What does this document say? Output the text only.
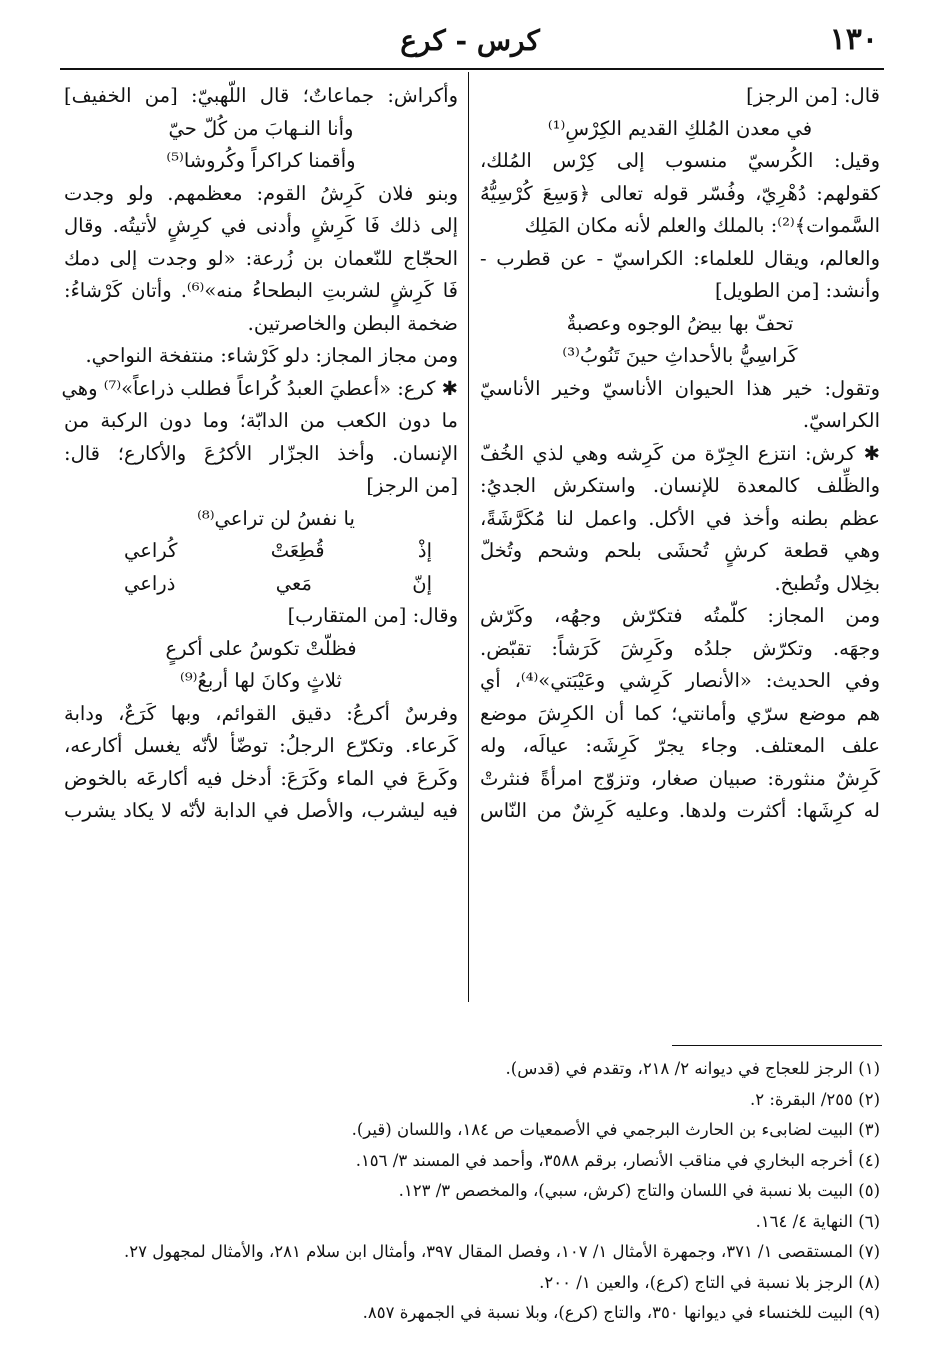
١٣٠
كرس - كرع
قال: [من الرجز]
في معدن المُلكِ القديم الكِرْسِ⁽¹⁾
وقيل: الكُرسيّ منسوب إلى كِرْس المُلك،
كقولهم: دُهْرِيّ، وفُسّر قوله تعالى ﴿وَسِعَ كُرْسِيُّهُ
السَّموات﴾⁽²⁾: بالملك والعلم لأنه مكان المَلِك
والعالم، ويقال للعلماء: الكراسيّ - عن قطرب -
وأنشد: [من الطويل]
تحفّ بها بيضُ الوجوه وعصبةٌ
كَراسِيُّ بالأحداثِ حينَ تَنُوبُ⁽³⁾
وتقول: خير هذا الحيوان الأناسيّ وخير الأناسيّ
الكراسيّ.
✱ كرش: انتزع الجِرّة من كَرِشه وهي لذي الخُفّ
والظِّلف كالمعدة للإنسان. واستكرش الجديُ:
عظم بطنه وأخذ في الأكل. واعمل لنا مُكَرَّشَةً،
وهي قطعة كرشٍ تُحشَى بلحم وشحم وتُخلّ
بخِلال وتُطبخ.
ومن المجاز: كلّمتُه فتكرّش وجهُه، وكَرّش
وجهَه. وتكرّش جلدُه وكَرِشَ كَرَشاً: تقبّض.
وفي الحديث: «الأنصار كَرِشي وعَيْبَتي»⁽⁴⁾، أي
هم موضع سرّي وأمانتي؛ كما أن الكرِشَ موضع
علف المعتلف. وجاء يجرّ كَرِشَه: عيالَه، وله
كَرِشٌ منثورة: صبيان صغار، وتزوّج امرأةً فنثرتْ
له كرِشَها: أكثرت ولدها. وعليه كَرِشٌ من النّاس
وأكراش: جماعاتٌ؛ قال اللّهبيّ: [من الخفيف]
وأنا النـهابَ من كُلّ حيّ
وأقمنا كراكراً وكُروشا⁽⁵⁾
وبنو فلان كَرِشُ القوم: معظمهم. ولو وجدت
إلى ذلك فَا كَرِشٍ وأدنى في كرِشٍ لأتيتُه. وقال
الحجّاج للنّعمان بن زُرعة: «لو وجدت إلى دمك
فَا كَرِشٍ لشربتِ البطحاءُ منه»⁽⁶⁾. وأتان كَرْشاءُ:
ضخمة البطن والخاصرتين.
ومن مجاز المجاز: دلو كَرْشاء: منتفخة النواحي.
✱ كرع: «أعطيَ العبدُ كُراعاً فطلب ذراعاً»⁽⁷⁾ وهي
ما دون الكعب من الدابّة؛ وما دون الركبة من
الإنسان. وأخذ الجزّار الأكرُعَ والأكارع؛ قال:
[من الرجز]
يا نفسُ لن تراعي⁽⁸⁾
إذْ
قُطِعَتْ
كُراعي
إنّ
مَعي
ذراعي
وقال: [من المتقارب]
فظلّتْ تكوسُ على أكرعٍ
ثلاثٍ وكانَ لها أربعُ⁽⁹⁾
وفرسٌ أكرعُ: دقيق القوائم، وبها كَرَعٌ، ودابة
كَرعاء. وتكرّع الرجلُ: توضّأ لأنّه يغسل أكارعه،
وكَرعَ في الماء وكَرَعَ: أدخل فيه أكارعَه بالخوض
فيه ليشرب، والأصل في الدابة لأنّه لا يكاد يشرب
(١) الرجز للعجاج في ديوانه ٢/ ٢١٨، وتقدم في (قدس).
(٢) ٢٥٥/ البقرة: ٢.
(٣) البيت لضابىء بن الحارث البرجمي في الأصمعيات ص ١٨٤، واللسان (قير).
(٤) أخرجه البخاري في مناقب الأنصار، برقم ٣٥٨٨، وأحمد في المسند ٣/ ١٥٦.
(٥) البيت بلا نسبة في اللسان والتاج (كرش، سبي)، والمخصص ٣/ ١٢٣.
(٦) النهاية ٤/ ١٦٤.
(٧) المستقصى ١/ ٣٧١، وجمهرة الأمثال ١/ ١٠٧، وفصل المقال ٣٩٧، وأمثال ابن سلام ٢٨١، والأمثال لمجهول ٢٧.
(٨) الرجز بلا نسبة في التاج (كرع)، والعين ١/ ٢٠٠.
(٩) البيت للخنساء في ديوانها ٣٥٠، والتاج (كرع)، وبلا نسبة في الجمهرة ٨٥٧.
